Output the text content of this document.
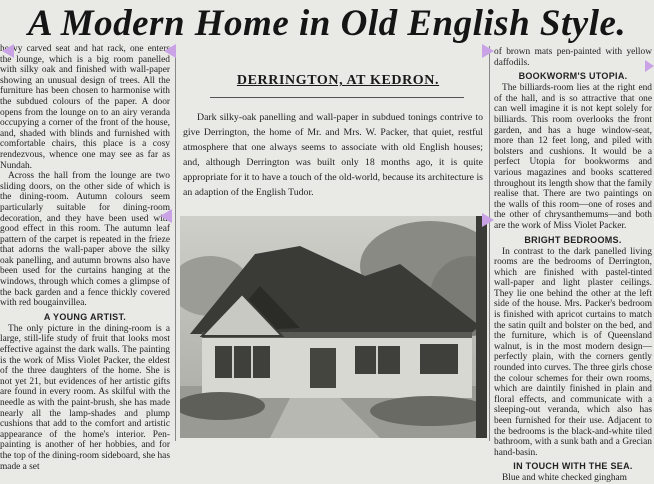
A Modern Home in Old English Style.

heavy carved seat and hat rack, one enters the lounge, which is a big room panelled with silky oak and finished with wall-paper showing an unusual design of trees. All the furniture has been chosen to harmonise with the subdued colours of the paper. A door opens from the lounge on to an airy veranda occupying a corner of the front of the house, and, shaded with blinds and furnished with comfortable chairs, this place is a cosy rendezvous, whence one may see as far as Nundah.

Across the hall from the lounge are two sliding doors, on the other side of which is the dining-room. Autumn colours seem particularly suitable for dining-room decoration, and they have been used with good effect in this room. The autumn leaf pattern of the carpet is repeated in the frieze that adorns the wall-paper above the silky oak panelling, and autumn browns also have been used for the curtains hanging at the windows, through which comes a glimpse of the back garden and a fence thickly covered with red bougainvillea.

A YOUNG ARTIST.

The only picture in the dining-room is a large, still-life study of fruit that looks most effective against the dark walls. The painting is the work of Miss Violet Packer, the eldest of the three daughters of the home. She is not yet 21, but evidences of her artistic gifts are found in every room. As skilful with the needle as with the paint-brush, she has made nearly all the lamp-shades and plump cushions that add to the comfort and artistic appearance of the home's interior. Pen-painting is another of her hobbies, and for the top of the dining-room sideboard, she has made a set

DERRINGTON, AT KEDRON.
Dark silky-oak panelling and wall-paper in subdued tonings contrive to give Derrington, the home of Mr. and Mrs. W. Packer, that quiet, restful atmosphere that one always seems to associate with old English houses; and, although Derrington was built only 18 months ago, it is quite appropriate for it to have a touch of the old-world, because its architecture is an adaption of the English Tudor.

of brown mats pen-painted with yellow daffodils.

BOOKWORM'S UTOPIA.

The billiards-room lies at the right end of the hall, and is so attractive that one can well imagine it is not kept solely for billiards. This room overlooks the front garden, and has a huge window-seat, more than 12 feet long, and piled with bolsters and cushions. It would be a perfect Utopia for bookworms and various magazines and books scattered throughout its length show that the family realise that. There are two paintings on the walls of this room—one of roses and the other of chrysanthemums—and both are the work of Miss Violet Packer.

BRIGHT BEDROOMS.

In contrast to the dark panelled living rooms are the bedrooms of Derrington, which are finished with pastel-tinted wall-paper and light plaster ceilings. They lie one behind the other at the left side of the house. Mrs. Packer's bedroom is finished with apricot curtains to match the satin quilt and bolster on the bed, and the furniture, which is of Queensland walnut, is in the most modern design—perfectly plain, with the corners gently rounded into curves. The three girls chose the colour schemes for their own rooms, which are daintily finished in plain and floral effects, and communicate with a sleeping-out veranda, which also has been furnished for their use. Adjacent to the bedrooms is the black-and-white tiled bathroom, with a sunk bath and a Grecian hand-basin.

IN TOUCH WITH THE SEA.

Blue and white checked gingham
